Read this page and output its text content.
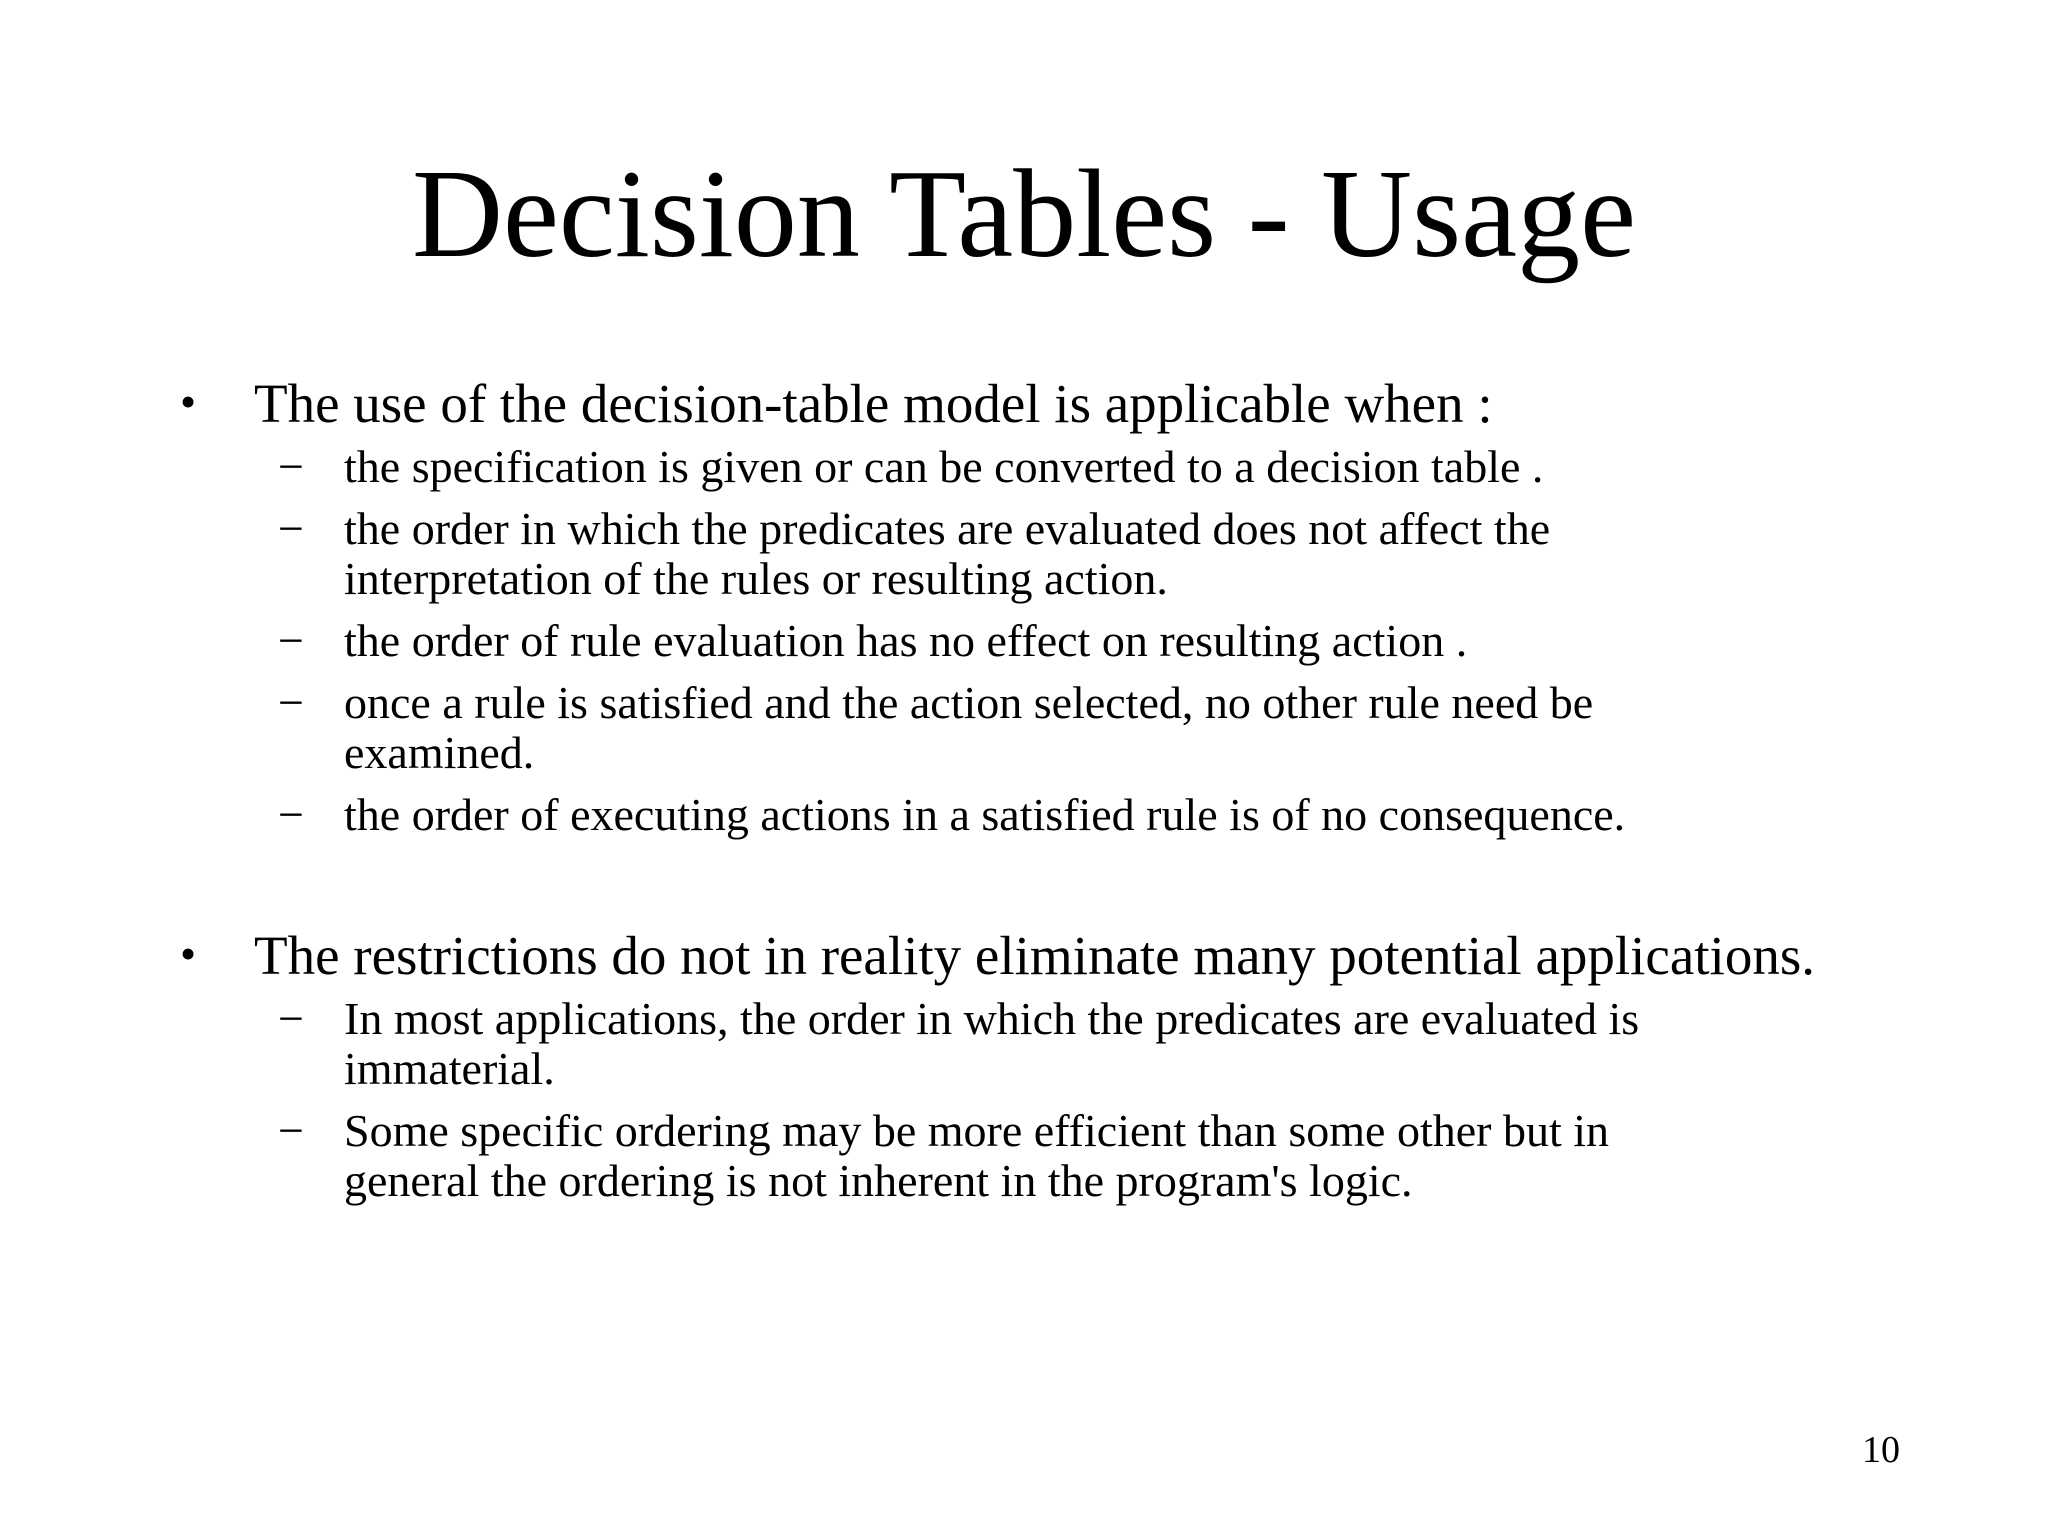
Decision Tables - Usage
• The use of the decision-table model is applicable when :
− the specification is given or can be converted to a decision table .
− the order in which the predicates are evaluated does not affect the
interpretation of the rules or resulting action.
− the order of rule evaluation has no effect on resulting action .
− once a rule is satisfied and the action selected, no other rule need be
examined.
− the order of executing actions in a satisfied rule is of no consequence.
• The restrictions do not in reality eliminate many potential applications.
− In most applications, the order in which the predicates are evaluated is
immaterial.
− Some specific ordering may be more efficient than some other but in
general the ordering is not inherent in the program's logic.
10
